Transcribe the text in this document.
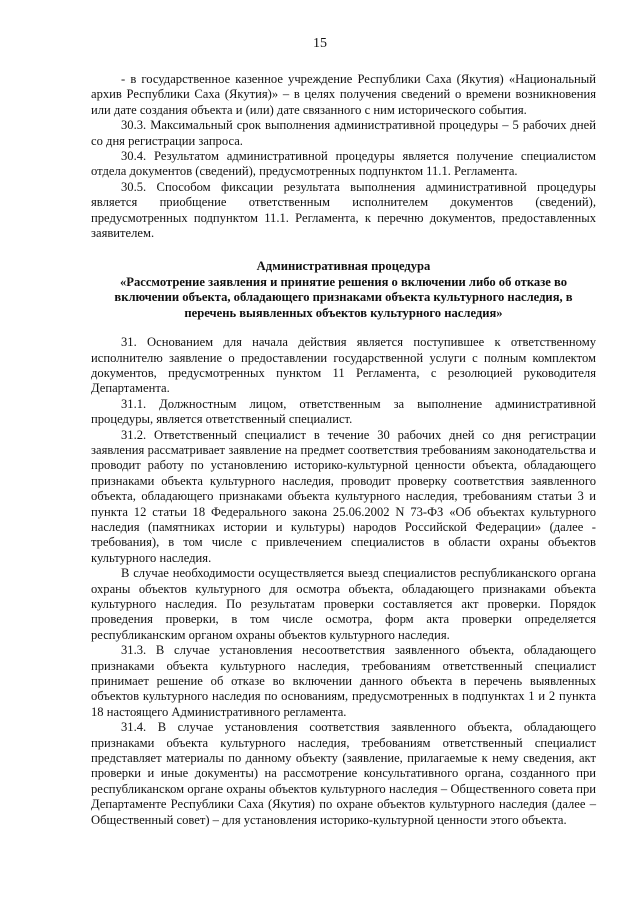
15

- в государственное казенное учреждение Республики Саха (Якутия) «Национальный архив Республики Саха (Якутия)» – в целях получения сведений о времени возникновения или дате создания объекта и (или) дате связанного с ним исторического события.

30.3. Максимальный срок выполнения административной процедуры – 5 рабочих дней со дня регистрации запроса.

30.4. Результатом административной процедуры является получение специалистом отдела документов (сведений), предусмотренных подпунктом 11.1. Регламента.

30.5. Способом фиксации результата выполнения административной процедуры является приобщение ответственным исполнителем документов (сведений), предусмотренных подпунктом 11.1. Регламента, к перечню документов, предоставленных заявителем.

Административная процедура
«Рассмотрение заявления и принятие решения о включении либо об отказе во включении объекта, обладающего признаками объекта культурного наследия, в перечень выявленных объектов культурного наследия»

31. Основанием для начала действия является поступившее к ответственному исполнителю заявление о предоставлении государственной услуги с полным комплектом документов, предусмотренных пунктом 11 Регламента, с резолюцией руководителя Департамента.

31.1. Должностным лицом, ответственным за выполнение административной процедуры, является ответственный специалист.

31.2. Ответственный специалист в течение 30 рабочих дней со дня регистрации заявления рассматривает заявление на предмет соответствия требованиям законодательства и проводит работу по установлению историко-культурной ценности объекта, обладающего признаками объекта культурного наследия, проводит проверку соответствия заявленного объекта, обладающего признаками объекта культурного наследия, требованиям статьи 3 и пункта 12 статьи 18 Федерального закона 25.06.2002 N 73-ФЗ «Об объектах культурного наследия (памятниках истории и культуры) народов Российской Федерации» (далее - требования), в том числе с привлечением специалистов в области охраны объектов культурного наследия.

В случае необходимости осуществляется выезд специалистов республиканского органа охраны объектов культурного для осмотра объекта, обладающего признаками объекта культурного наследия. По результатам проверки составляется акт проверки. Порядок проведения проверки, в том числе осмотра, форм акта проверки определяется республиканским органом охраны объектов культурного наследия.

31.3. В случае установления несоответствия заявленного объекта, обладающего признаками объекта культурного наследия, требованиям ответственный специалист принимает решение об отказе во включении данного объекта в перечень выявленных объектов культурного наследия по основаниям, предусмотренных в подпунктах 1 и 2 пункта 18 настоящего Административного регламента.

31.4. В случае установления соответствия заявленного объекта, обладающего признаками объекта культурного наследия, требованиям ответственный специалист представляет материалы по данному объекту (заявление, прилагаемые к нему сведения, акт проверки и иные документы) на рассмотрение консультативного органа, созданного при республиканском органе охраны объектов культурного наследия – Общественного совета при Департаменте Республики Саха (Якутия) по охране объектов культурного наследия (далее – Общественный совет) – для установления историко-культурной ценности этого объекта.
